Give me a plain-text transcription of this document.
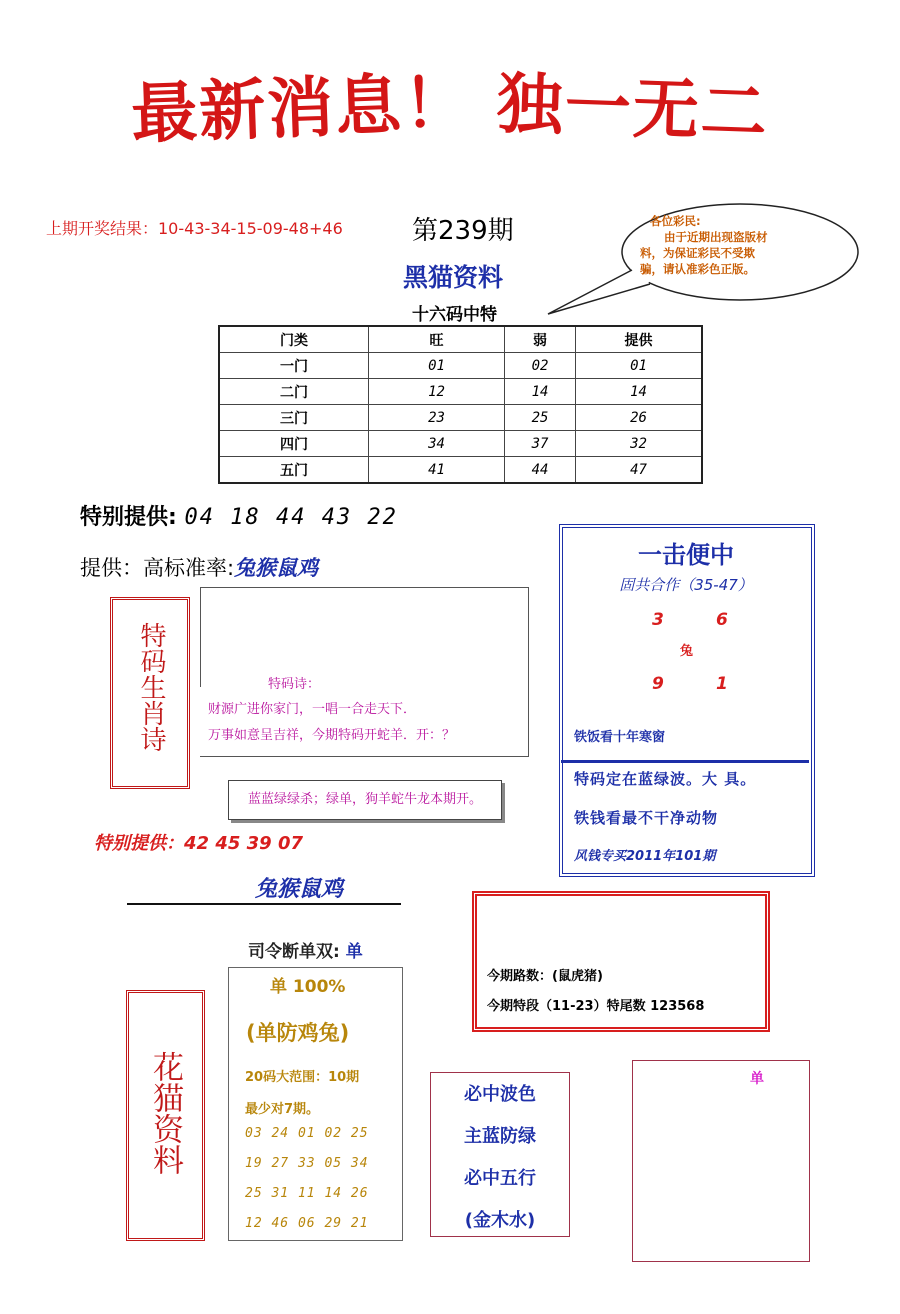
最新消息！ 独一无二
上期开奖结果：10-43-34-15-09-48+46	第239期
黑猫资料
十六码中特
各位彩民:
由于近期出现盗版材
料，为保证彩民不受欺
骗，请认准彩色正版。
门类	旺	弱	提供
一门	01	02	01
二门	12	14	14
三门	23	25	26
四门	34	37	32
五门	41	44	47
特别提供: 04 18 44 43 22
提供：高标准率:兔猴鼠鸡
特码生肖诗	特码诗：
财源广进你家门，一唱一合走天下．
万事如意呈吉祥，今期特码开蛇羊．开：？
蓝蓝绿绿杀；绿单，狗羊蛇牛龙本期开。
特别提供：42 45 39 07
一击便中
固共合作（35-47）
3	6
兔
9	1
铁饭看十年寒窗
特码定在蓝绿波。大 具。
铁钱看最不干净动物
风钱专买2011年101期
兔猴鼠鸡
司令断单双: 单
单 100%
(单防鸡兔)
20码大范围：10期
最少对7期。
03 24 01 02 25
19 27 33 05 34
25 31 11 14 26
12 46 06 29 21
花猫资料
今期路数：(鼠虎猪)
今期特段（11-23）特尾数 123568
必中波色
主蓝防绿
必中五行
(金木水)
单
